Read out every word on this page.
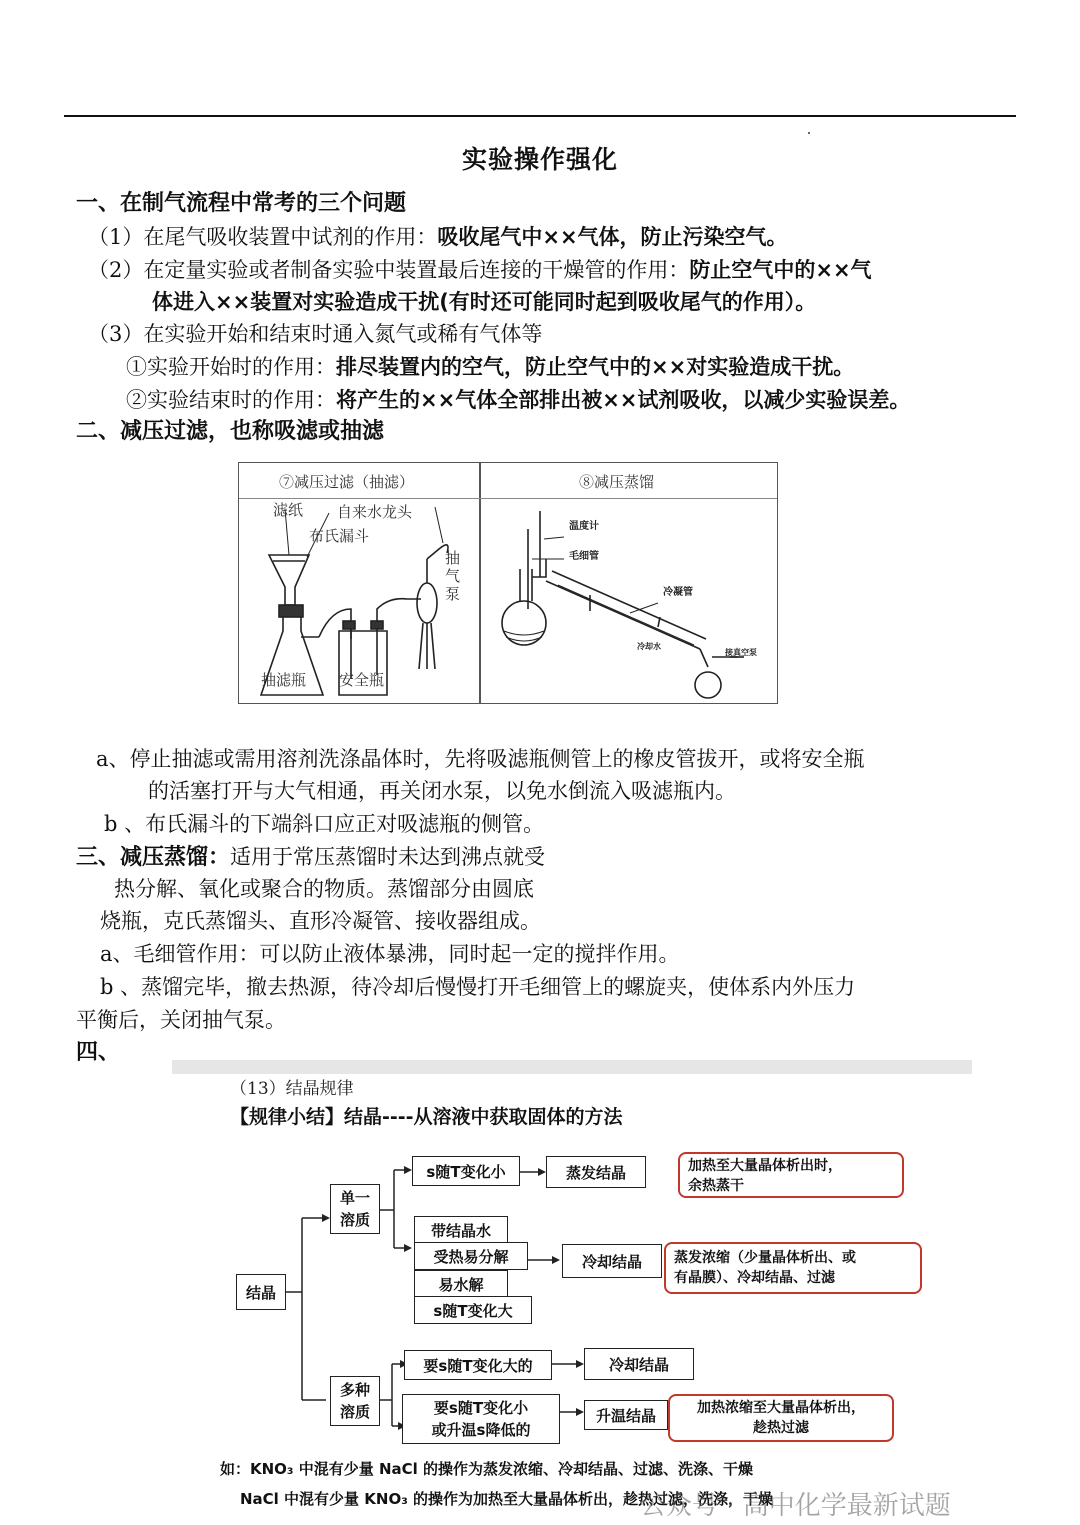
实验操作强化
一、在制气流程中常考的三个问题
（1）在尾气吸收装置中试剂的作用：吸收尾气中××气体，防止污染空气。
（2）在定量实验或者制备实验中装置最后连接的干燥管的作用：防止空气中的××气
体进入××装置对实验造成干扰(有时还可能同时起到吸收尾气的作用）。
（3）在实验开始和结束时通入氮气或稀有气体等
①实验开始时的作用：排尽装置内的空气，防止空气中的××对实验造成干扰。
②实验结束时的作用：将产生的××气体全部排出被××试剂吸收，以减少实验误差。
二、减压过滤，也称吸滤或抽滤
⑦减压过滤（抽滤）	⑧减压蒸馏
滤纸
布氏漏斗
自来水龙头
抽气泵
抽滤瓶 安全瓶
温度计
毛细管
冷凝管
冷却水
接真空泵
a、停止抽滤或需用溶剂洗涤晶体时，先将吸滤瓶侧管上的橡皮管拔开，或将安全瓶
的活塞打开与大气相通，再关闭水泵，以免水倒流入吸滤瓶内。
b 、布氏漏斗的下端斜口应正对吸滤瓶的侧管。
三、减压蒸馏：适用于常压蒸馏时未达到沸点就受
热分解、氧化或聚合的物质。蒸馏部分由圆底
烧瓶，克氏蒸馏头、直形冷凝管、接收器组成。
a、毛细管作用：可以防止液体暴沸，同时起一定的搅拌作用。
b 、蒸馏完毕，撤去热源，待冷却后慢慢打开毛细管上的螺旋夹，使体系内外压力
平衡后，关闭抽气泵。
四、
（13）结晶规律
【规律小结】结晶----从溶液中获取固体的方法
结晶
单一溶质
多种溶质
s随T变化小	蒸发结晶	加热至大量晶体析出时，
余热蒸干
带结晶水
受热易分解
易水解
s随T变化大
冷却结晶	蒸发浓缩（少量晶体析出、或
有晶膜）、冷却结晶、过滤
要s随T变化大的	冷却结晶
要s随T变化小
或升温s降低的
升温结晶	加热浓缩至大量晶体析出，
趁热过滤
如：KNO₃ 中混有少量 NaCl 的操作为蒸发浓缩、冷却结晶、过滤、洗涤、干燥
NaCl 中混有少量 KNO₃ 的操作为加热至大量晶体析出，趁热过滤，洗涤，干燥
公众号 · 高中化学最新试题
